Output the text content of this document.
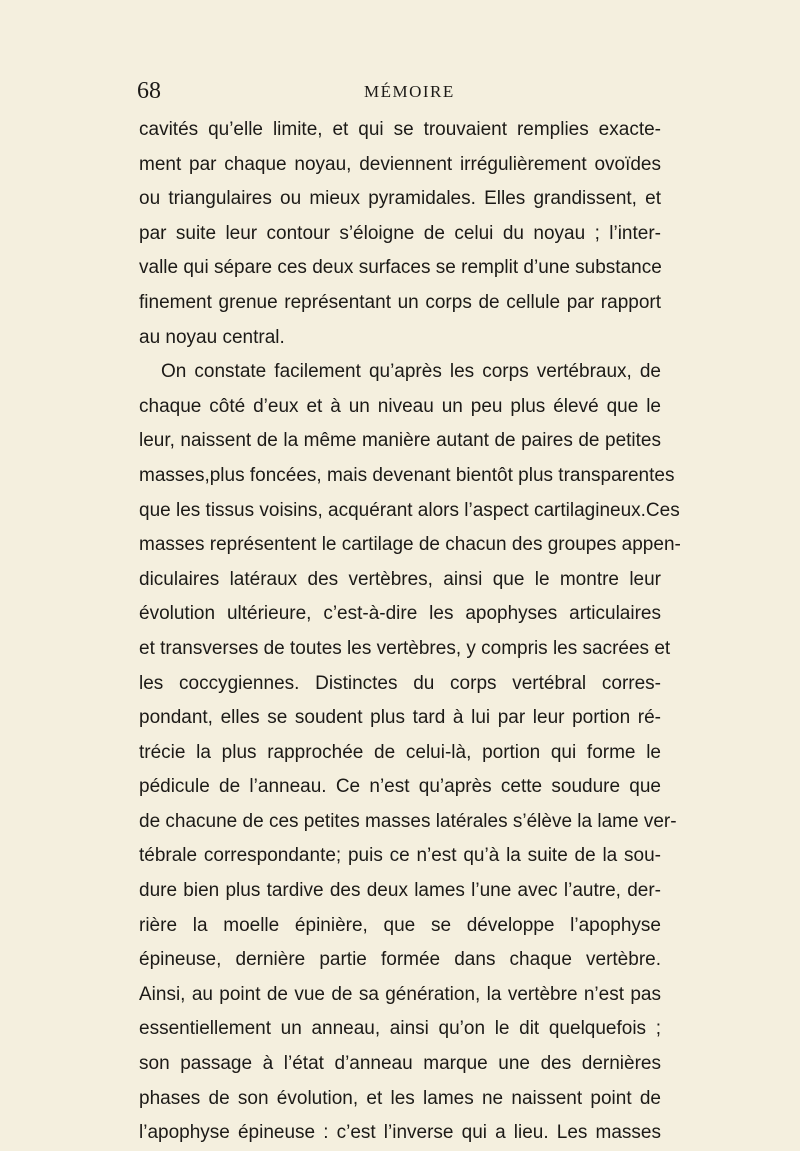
68	MÉMOIRE
cavités qu’elle limite, et qui se trouvaient remplies exacte-
ment par chaque noyau, deviennent irrégulièrement ovoïdes
ou triangulaires ou mieux pyramidales. Elles grandissent, et
par suite leur contour s’éloigne de celui du noyau ; l’inter-
valle qui sépare ces deux surfaces se remplit d’une substance
finement grenue représentant un corps de cellule par rapport
au noyau central.
On constate facilement qu’après les corps vertébraux, de
chaque côté d’eux et à un niveau un peu plus élevé que le
leur, naissent de la même manière autant de paires de petites
masses,plus foncées, mais devenant bientôt plus transparentes
que les tissus voisins, acquérant alors l’aspect cartilagineux.Ces
masses représentent le cartilage de chacun des groupes appen-
diculaires latéraux des vertèbres, ainsi que le montre leur
évolution ultérieure, c’est-à-dire les apophyses articulaires
et transverses de toutes les vertèbres, y compris les sacrées et
les coccygiennes. Distinctes du corps vertébral corres-
pondant, elles se soudent plus tard à lui par leur portion ré-
trécie la plus rapprochée de celui-là, portion qui forme le
pédicule de l’anneau. Ce n’est qu’après cette soudure que
de chacune de ces petites masses latérales s’élève la lame ver-
tébrale correspondante; puis ce n’est qu’à la suite de la sou-
dure bien plus tardive des deux lames l’une avec l’autre, der-
rière la moelle épinière, que se développe l’apophyse
épineuse, dernière partie formée dans chaque vertèbre.
Ainsi, au point de vue de sa génération, la vertèbre n’est pas
essentiellement un anneau, ainsi qu’on le dit quelquefois ;
son passage à l’état d’anneau marque une des dernières
phases de son évolution, et les lames ne naissent point de
l’apophyse épineuse : c’est l’inverse qui a lieu. Les masses
